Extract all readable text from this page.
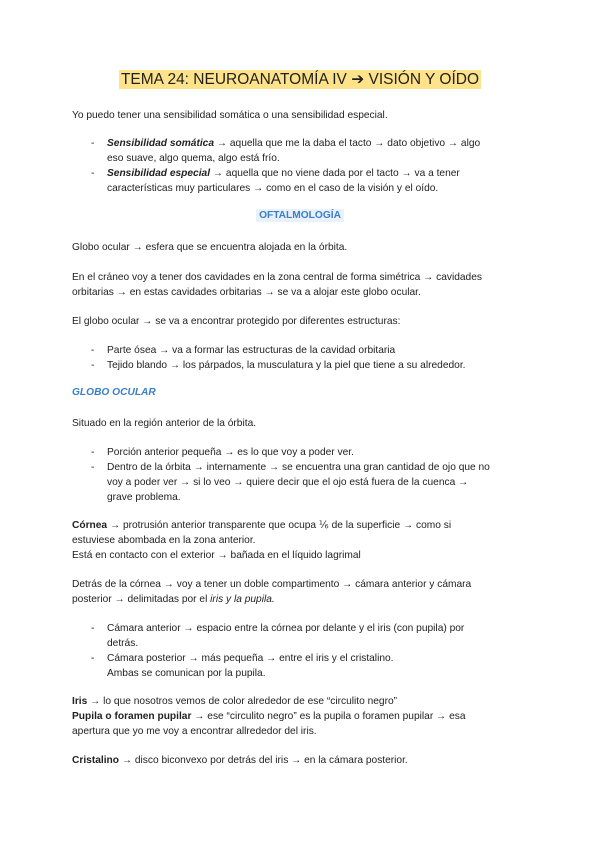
TEMA 24: NEUROANATOMÍA IV ➔ VISIÓN Y OÍDO
Yo puedo tener una sensibilidad somática o una sensibilidad especial.
- Sensibilidad somática → aquella que me la daba el tacto → dato objetivo → algo
eso suave, algo quema, algo está frío.
- Sensibilidad especial → aquella que no viene dada por el tacto → va a tener
características muy particulares → como en el caso de la visión y el oído.
OFTALMOLOGÍA
Globo ocular → esfera que se encuentra alojada en la órbita.
En el cráneo voy a tener dos cavidades en la zona central de forma simétrica → cavidades
orbitarias → en estas cavidades orbitarias → se va a alojar este globo ocular.
El globo ocular → se va a encontrar protegido por diferentes estructuras:
- Parte ósea → va a formar las estructuras de la cavidad orbitaria
- Tejido blando → los párpados, la musculatura y la piel que tiene a su alrededor.
GLOBO OCULAR
Situado en la región anterior de la órbita.
- Porción anterior pequeña → es lo que voy a poder ver.
- Dentro de la órbita → internamente → se encuentra una gran cantidad de ojo que no
voy a poder ver → si lo veo → quiere decir que el ojo está fuera de la cuenca →
grave problema.
Córnea → protrusión anterior transparente que ocupa ⅙ de la superficie → como si
estuviese abombada en la zona anterior.
Está en contacto con el exterior → bañada en el líquido lagrimal
Detrás de la córnea → voy a tener un doble compartimento → cámara anterior y cámara
posterior → delimitadas por el iris y la pupila.
- Cámara anterior → espacio entre la córnea por delante y el iris (con pupila) por
detrás.
- Cámara posterior → más pequeña → entre el iris y el cristalino.
Ambas se comunican por la pupila.
Iris → lo que nosotros vemos de color alrededor de ese “circulito negro”
Pupila o foramen pupilar → ese “circulito negro” es la pupila o foramen pupilar → esa
apertura que yo me voy a encontrar allrededor del iris.
Cristalino → disco biconvexo por detrás del iris → en la cámara posterior.
